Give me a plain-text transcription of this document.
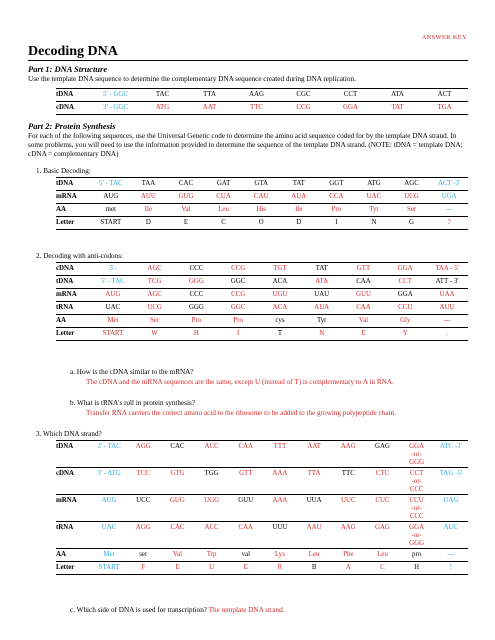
ANSWER KEY
Decoding DNA
Part 1: DNA Structure
Use the template DNA sequence to determine the complementary DNA sequence created during DNA replication.
tDNA	5' - GGC	TAC	TTA	AAG	CGC	CCT	ATA	ACT
cDNA	3' - GGC	ATG	AAT	TTC	CCG	GGA	TAT	TGA
Part 2: Protein Synthesis
For each of the following sequences, use the Universal Genetic code to determine the amino acid sequence coded for by the template DNA strand. In some problems, you will need to use the information provided to determine the sequence of the template DNA strand. (NOTE: tDNA = template DNA; cDNA = complementary DNA)
1. Basic Decoding:
tDNA	5' - TAC	TAA	CAC	GAT	GTA	TAT	GGT	ATG	AGC	ACT -3'
mRNA	AUG	AUU	GUG	CUA	CAU	AUA	CCA	UAC	UCG	UGA
AA	met	Ile	Val	Leu	His	Ile	Pro	Tyr	Ser	---
Letter	START	D	E	C	O	D	I	N	G	?
2. Decoding with anti-codons:
cDNA	3'-	AGC	CCC	CCG	TGT	TAT	GTT	GGA	TAA - 5'
tDNA	5' - TAC	TCG	GGG	GGC	ACA	ATA	CAA	CCT	ATT - 3'
mRNA	AUG	AGC	CCC	CCG	UGU	UAU	GUU	GGA	UAA
tRNA	UAC	UCG	GGG	GGC	ACA	AUA	CAA	CCU	AUU
AA	Met	Ser	Pro	Pro	cys	Tyr	Val	Gly	---
Letter	START	W	H	I	T	N	E	Y	.
a. How is the cDNA similar to the mRNA?
The cDNA and the mRNA sequences are the same, except U (instead of T) is complementary to A in RNA.
b. What is tRNA's roll in protein synthesis?
Transfer RNA carriers the correct amino acid to the ribosome to be added to the growing polypeptide chain.
3. Which DNA strand?
tDNA	3' - TAC	AGG	CAC	ACC	CAA	TTT	AAT	AAG	GAG	GGA
-or-
GGG	ATC -3'
cDNA	3' - ATG	TCC	GTG	TGG	GTT	AAA	TTA	TTC	CTC	CCT
-or-
CCC	TAG -5'
mRNA	AUG	UCC	GUG	UGG	GUU	AAA	UUA	UUC	CUC	CCU
-or-
CCC	UAG
tRNA	UAC	AGG	CAC	ACC	CAA	UUU	AAU	AAG	GAG	GGA
-or-
GGG	AUC
AA	Met	ser	Val	Trp	val	Lys	Leu	Phe	Leu	pro	---
Letter	START	F	E	U	E	R	B	A	C	H	!
c. Which side of DNA is used for transcription? The template DNA strand.
